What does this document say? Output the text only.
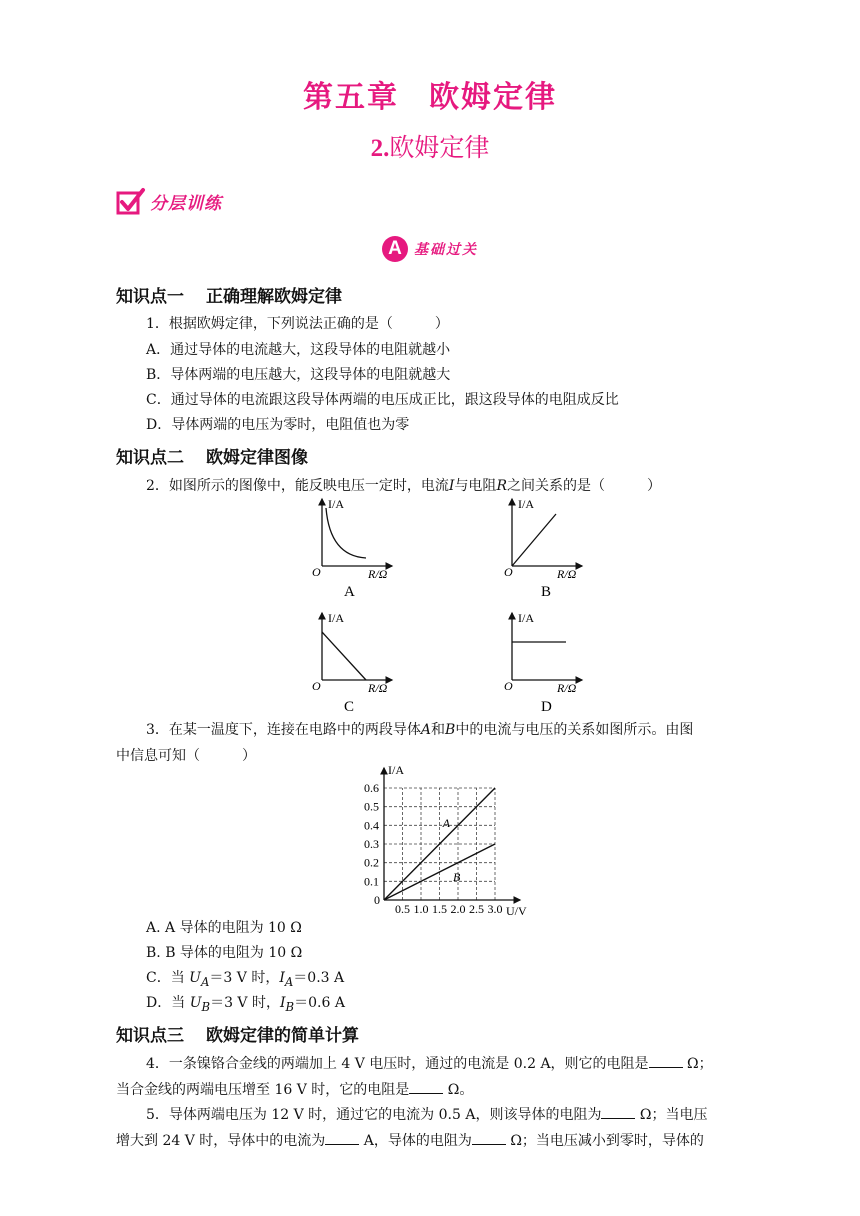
第五章 欧姆定律
2.欧姆定律
分层训练
A 基础过关
知识点一 正确理解欧姆定律
1．根据欧姆定律，下列说法正确的是（　　　）
A．通过导体的电流越大，这段导体的电阻就越小
B．导体两端的电压越大，这段导体的电阻就越大
C．通过导体的电流跟这段导体两端的电压成正比，跟这段导体的电阻成反比
D．导体两端的电压为零时，电阻值也为零
知识点二 欧姆定律图像
2．如图所示的图像中，能反映电压一定时，电流I与电阻R之间关系的是（　　　）
I/A
O	R/Ω
A
I/A
O	R/Ω
B
I/A
O	R/Ω
C
I/A
O	R/Ω
D
3．在某一温度下，连接在电路中的两段导体A和B中的电流与电压的关系如图所示。由图
中信息可知（　　　）
A
B
0.5 1.0 1.5 2.0 2.5 3.0
0.1
0.2
0.3
0.4
0.5
0.6
I/A
U/V
0
A. A 导体的电阻为 10 Ω
B. B 导体的电阻为 10 Ω
C．当 $U_A=3$ V 时，$I_A=0.3$ A
D．当 $U_B=3$ V 时，$I_B=0.6$ A
知识点三 欧姆定律的简单计算
4．一条镍铬合金线的两端加上 4 V 电压时，通过的电流是 0.2 A，则它的电阻是	Ω；
当合金线的两端电压增至 16 V 时，它的电阻是	Ω。
5．导体两端电压为 12 V 时，通过它的电流为 0.5 A，则该导体的电阻为	Ω；当电压
增大到 24 V 时，导体中的电流为	A，导体的电阻为	Ω；当电压减小到零时，导体的
